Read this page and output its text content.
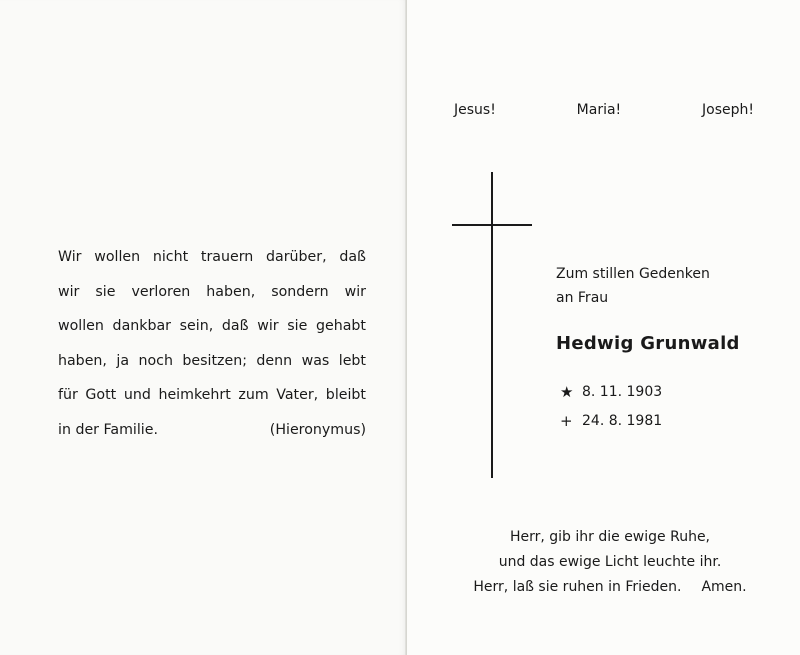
Wir wollen nicht trauern darüber, daß
wir sie verloren haben, sondern wir
wollen dankbar sein, daß wir sie gehabt
haben, ja noch besitzen; denn was lebt
für Gott und heimkehrt zum Vater, bleibt
in der Familie.	(Hieronymus)
Jesus!	Maria!	Joseph!
Zum stillen Gedenken
an Frau
Hedwig Grunwald
★ 8. 11. 1903
+ 24. 8. 1981
Herr, gib ihr die ewige Ruhe,
und das ewige Licht leuchte ihr.
Herr, laß sie ruhen in Frieden. Amen.
